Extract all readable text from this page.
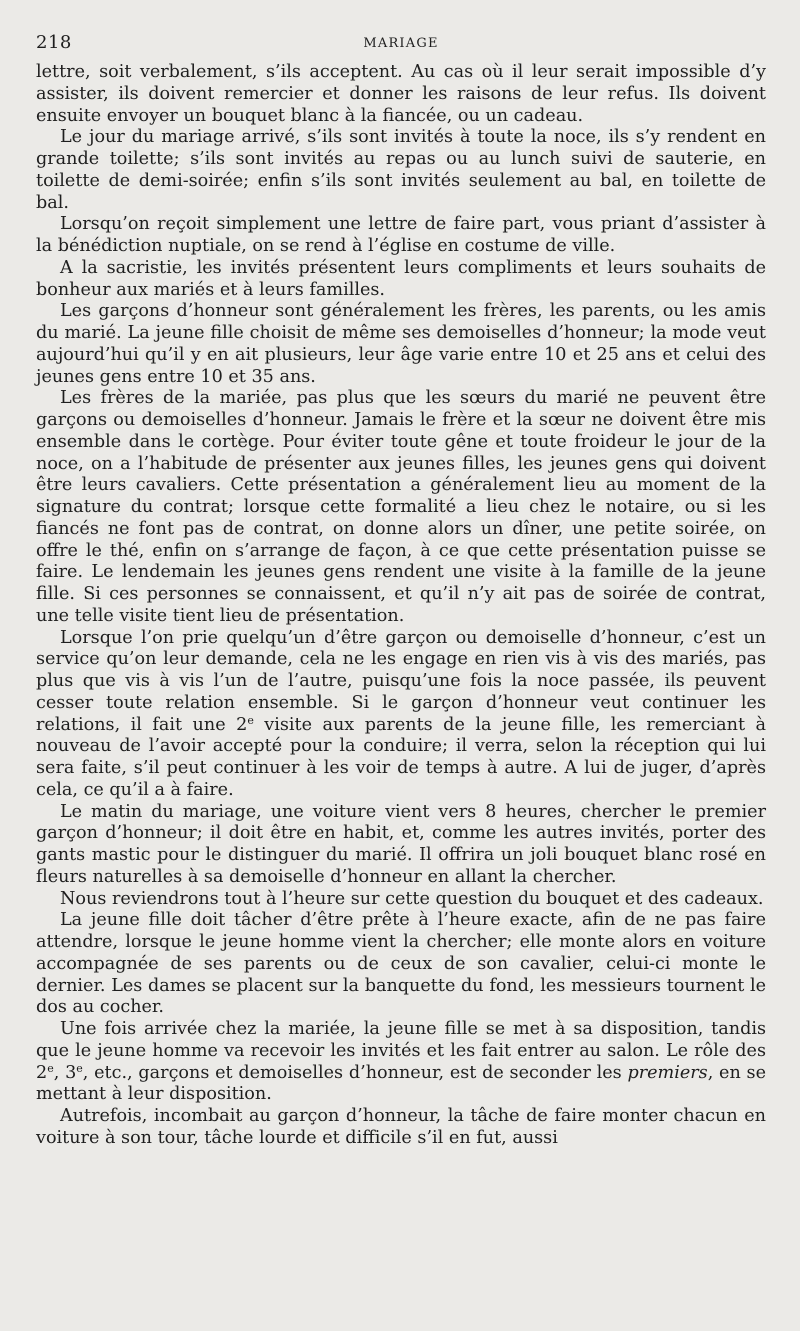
218	MARIAGE

lettre, soit verbalement, s’ils acceptent. Au cas où il leur serait impossible d’y assister, ils doivent remercier et donner les raisons de leur refus. Ils doivent ensuite envoyer un bouquet blanc à la fiancée, ou un cadeau.

Le jour du mariage arrivé, s’ils sont invités à toute la noce, ils s’y rendent en grande toilette; s’ils sont invités au repas ou au lunch suivi de sauterie, en toilette de demi-soirée; enfin s’ils sont invités seulement au bal, en toilette de bal.

Lorsqu’on reçoit simplement une lettre de faire part, vous priant d’assister à la bénédiction nuptiale, on se rend à l’église en costume de ville.

A la sacristie, les invités présentent leurs compliments et leurs souhaits de bonheur aux mariés et à leurs familles.

Les garçons d’honneur sont généralement les frères, les parents, ou les amis du marié. La jeune fille choisit de même ses demoiselles d’honneur; la mode veut aujourd’hui qu’il y en ait plusieurs, leur âge varie entre 10 et 25 ans et celui des jeunes gens entre 10 et 35 ans.

Les frères de la mariée, pas plus que les sœurs du marié ne peuvent être garçons ou demoiselles d’honneur. Jamais le frère et la sœur ne doivent être mis ensemble dans le cortège. Pour éviter toute gêne et toute froideur le jour de la noce, on a l’habitude de présenter aux jeunes filles, les jeunes gens qui doivent être leurs cavaliers. Cette présentation a généralement lieu au moment de la signature du contrat; lorsque cette formalité a lieu chez le notaire, ou si les fiancés ne font pas de contrat, on donne alors un dîner, une petite soirée, on offre le thé, enfin on s’arrange de façon, à ce que cette présentation puisse se faire. Le lendemain les jeunes gens rendent une visite à la famille de la jeune fille. Si ces personnes se connaissent, et qu’il n’y ait pas de soirée de contrat, une telle visite tient lieu de présentation.

Lorsque l’on prie quelqu’un d’être garçon ou demoiselle d’honneur, c’est un service qu’on leur demande, cela ne les engage en rien vis à vis des mariés, pas plus que vis à vis l’un de l’autre, puisqu’une fois la noce passée, ils peuvent cesser toute relation ensemble. Si le garçon d’honneur veut continuer les relations, il fait une 2e visite aux parents de la jeune fille, les remerciant à nouveau de l’avoir accepté pour la conduire; il verra, selon la réception qui lui sera faite, s’il peut continuer à les voir de temps à autre. A lui de juger, d’après cela, ce qu’il a à faire.

Le matin du mariage, une voiture vient vers 8 heures, chercher le premier garçon d’honneur; il doit être en habit, et, comme les autres invités, porter des gants mastic pour le distinguer du marié. Il offrira un joli bouquet blanc rosé en fleurs naturelles à sa demoiselle d’honneur en allant la chercher.

Nous reviendrons tout à l’heure sur cette question du bouquet et des cadeaux.

La jeune fille doit tâcher d’être prête à l’heure exacte, afin de ne pas faire attendre, lorsque le jeune homme vient la chercher; elle monte alors en voiture accompagnée de ses parents ou de ceux de son cavalier, celui-ci monte le dernier. Les dames se placent sur la banquette du fond, les messieurs tournent le dos au cocher.

Une fois arrivée chez la mariée, la jeune fille se met à sa disposition, tandis que le jeune homme va recevoir les invités et les fait entrer au salon. Le rôle des 2e, 3e, etc., garçons et demoiselles d’honneur, est de seconder les premiers, en se mettant à leur disposition.

Autrefois, incombait au garçon d’honneur, la tâche de faire monter chacun en voiture à son tour, tâche lourde et difficile s’il en fut, aussi
